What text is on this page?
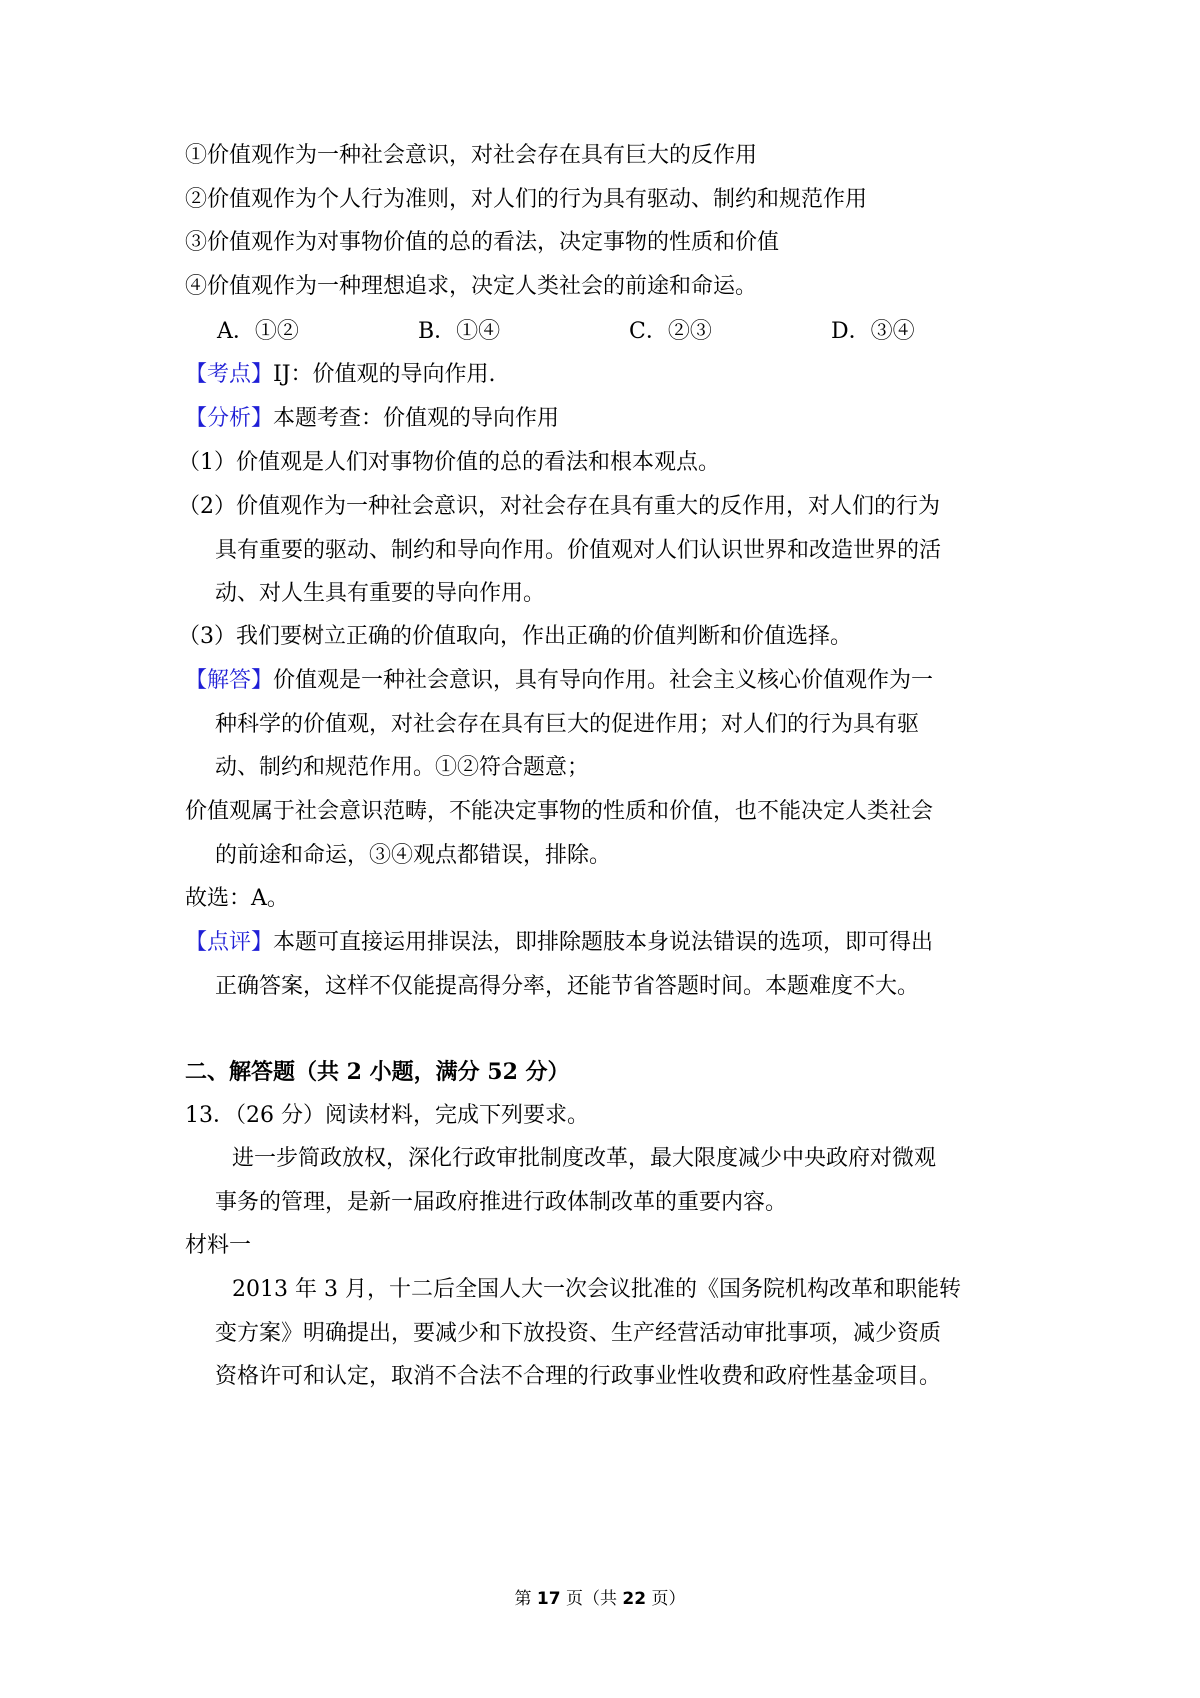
①价值观作为一种社会意识，对社会存在具有巨大的反作用
②价值观作为个人行为准则，对人们的行为具有驱动、制约和规范作用
③价值观作为对事物价值的总的看法，决定事物的性质和价值
④价值观作为一种理想追求，决定人类社会的前途和命运。
A．①②	B．①④	C．②③	D．③④
【考点】IJ：价值观的导向作用.
【分析】本题考查：价值观的导向作用
（1）价值观是人们对事物价值的总的看法和根本观点。
（2）价值观作为一种社会意识，对社会存在具有重大的反作用，对人们的行为
具有重要的驱动、制约和导向作用。价值观对人们认识世界和改造世界的活
动、对人生具有重要的导向作用。
（3）我们要树立正确的价值取向，作出正确的价值判断和价值选择。
【解答】价值观是一种社会意识，具有导向作用。社会主义核心价值观作为一
种科学的价值观，对社会存在具有巨大的促进作用；对人们的行为具有驱
动、制约和规范作用。①②符合题意；
价值观属于社会意识范畴，不能决定事物的性质和价值，也不能决定人类社会
的前途和命运，③④观点都错误，排除。
故选：A。
【点评】本题可直接运用排误法，即排除题肢本身说法错误的选项，即可得出
正确答案，这样不仅能提高得分率，还能节省答题时间。本题难度不大。
二、解答题（共 2 小题，满分 52 分）
13．（26 分）阅读材料，完成下列要求。
进一步简政放权，深化行政审批制度改革，最大限度减少中央政府对微观
事务的管理，是新一届政府推进行政体制改革的重要内容。
材料一
2013 年 3 月，十二后全国人大一次会议批准的《国务院机构改革和职能转
变方案》明确提出，要减少和下放投资、生产经营活动审批事项，减少资质
资格许可和认定，取消不合法不合理的行政事业性收费和政府性基金项目。
第 17 页（共 22 页）
